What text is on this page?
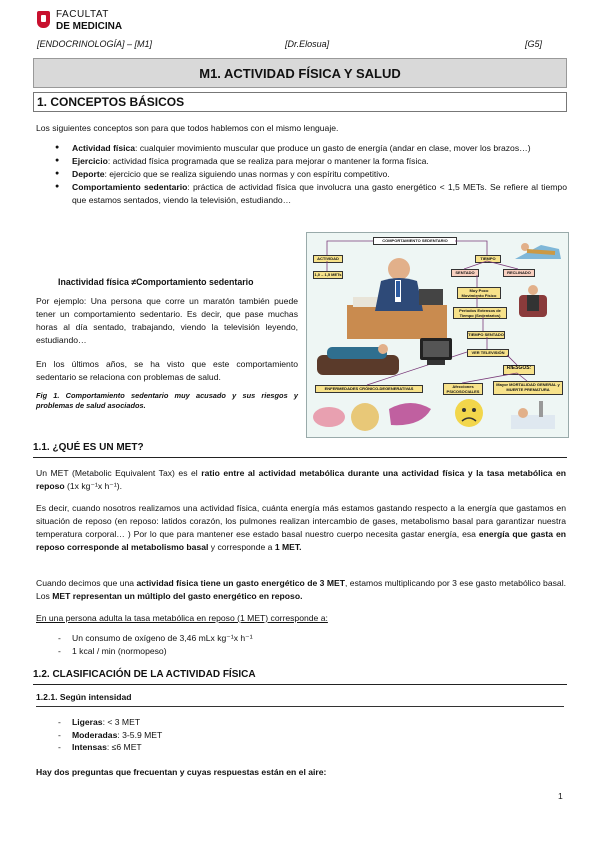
FACULTAT
DE MEDICINA
[ENDOCRINOLOGÍA] – [M1]	[Dr.Elosua]	[G5]
M1. ACTIVIDAD FÍSICA Y SALUD
1. CONCEPTOS BÁSICOS

Los siguientes conceptos son para que todos hablemos con el mismo lenguaje.

● Actividad física: cualquier movimiento muscular que produce un gasto de energía (andar en clase, mover los brazos…)
● Ejercicio: actividad física programada que se realiza para mejorar o mantener la forma física.
● Deporte: ejercicio que se realiza siguiendo unas normas y con espíritu competitivo.
● Comportamiento sedentario: práctica de actividad física que involucra una gasto energético < 1,5 METs. Se refiere al tiempo que estamos sentados, viendo la televisión, estudiando…
Inactividad física ≠Comportamiento sedentario

Por ejemplo: Una persona que corre un maratón también puede tener un comportamiento sedentario. Es decir, que pase muchas horas al día sentado, trabajando, viendo la televisión leyendo, estudiando…

En los últimos años, se ha visto que este comportamiento sedentario se relaciona con problemas de salud.

Fig 1. Comportamiento sedentario muy acusado y sus riesgos y problemas de salud asociados.

COMPORTAMIENTO SEDENTARIO
ACTIVIDAD
1,0 – 1,5 METs
TIEMPO
SENTADO	RECLINADO
Muy Poco Movimiento Físico
Periodos Extensos de Tiempo (Sedentarios)
TIEMPO SENTADO
VER TELEVISIÓN
RIESGOS:
ENFERMEDADES CRÓNICO-DEGENERATIVAS	Afecciones PSICOSOCIALES
Mayor MORTALIDAD GENERAL y MUERTE PREMATURA
1.1. ¿QUÉ ES UN MET?

Un MET (Metabolic Equivalent Tax) es el ratio entre al actividad metabólica durante una actividad física y la tasa metabólica en reposo (1x kg⁻¹x h⁻¹).

Es decir, cuando nosotros realizamos una actividad física, cuánta energía más estamos gastando respecto a la energía que gastamos en situación de reposo (en reposo: latidos corazón, los pulmones realizan intercambio de gases, metabolismo basal para garantizar nuestra temperatura corporal… ) Por lo que para mantener ese estado basal nuestro cuerpo necesita gastar energía, esa energía que gasta en reposo corresponde al metabolismo basal y corresponde a 1 MET.

Cuando decimos que una actividad física tiene un gasto energético de 3 MET, estamos multiplicando por 3 ese gasto metabólico basal. Los MET representan un múltiplo del gasto energético en reposo.

En una persona adulta la tasa metabólica en reposo (1 MET) corresponde a:

- Un consumo de oxígeno de 3,46 mLx kg⁻¹x h⁻¹
- 1 kcal / min (normopeso)
1.2. CLASIFICACIÓN DE LA ACTIVIDAD FÍSICA
1.2.1. Según intensidad
- Ligeras: < 3 MET
- Moderadas: 3-5.9 MET
- Intensas: ≤6 MET

Hay dos preguntas que frecuentan y cuyas respuestas están en el aire:

1
